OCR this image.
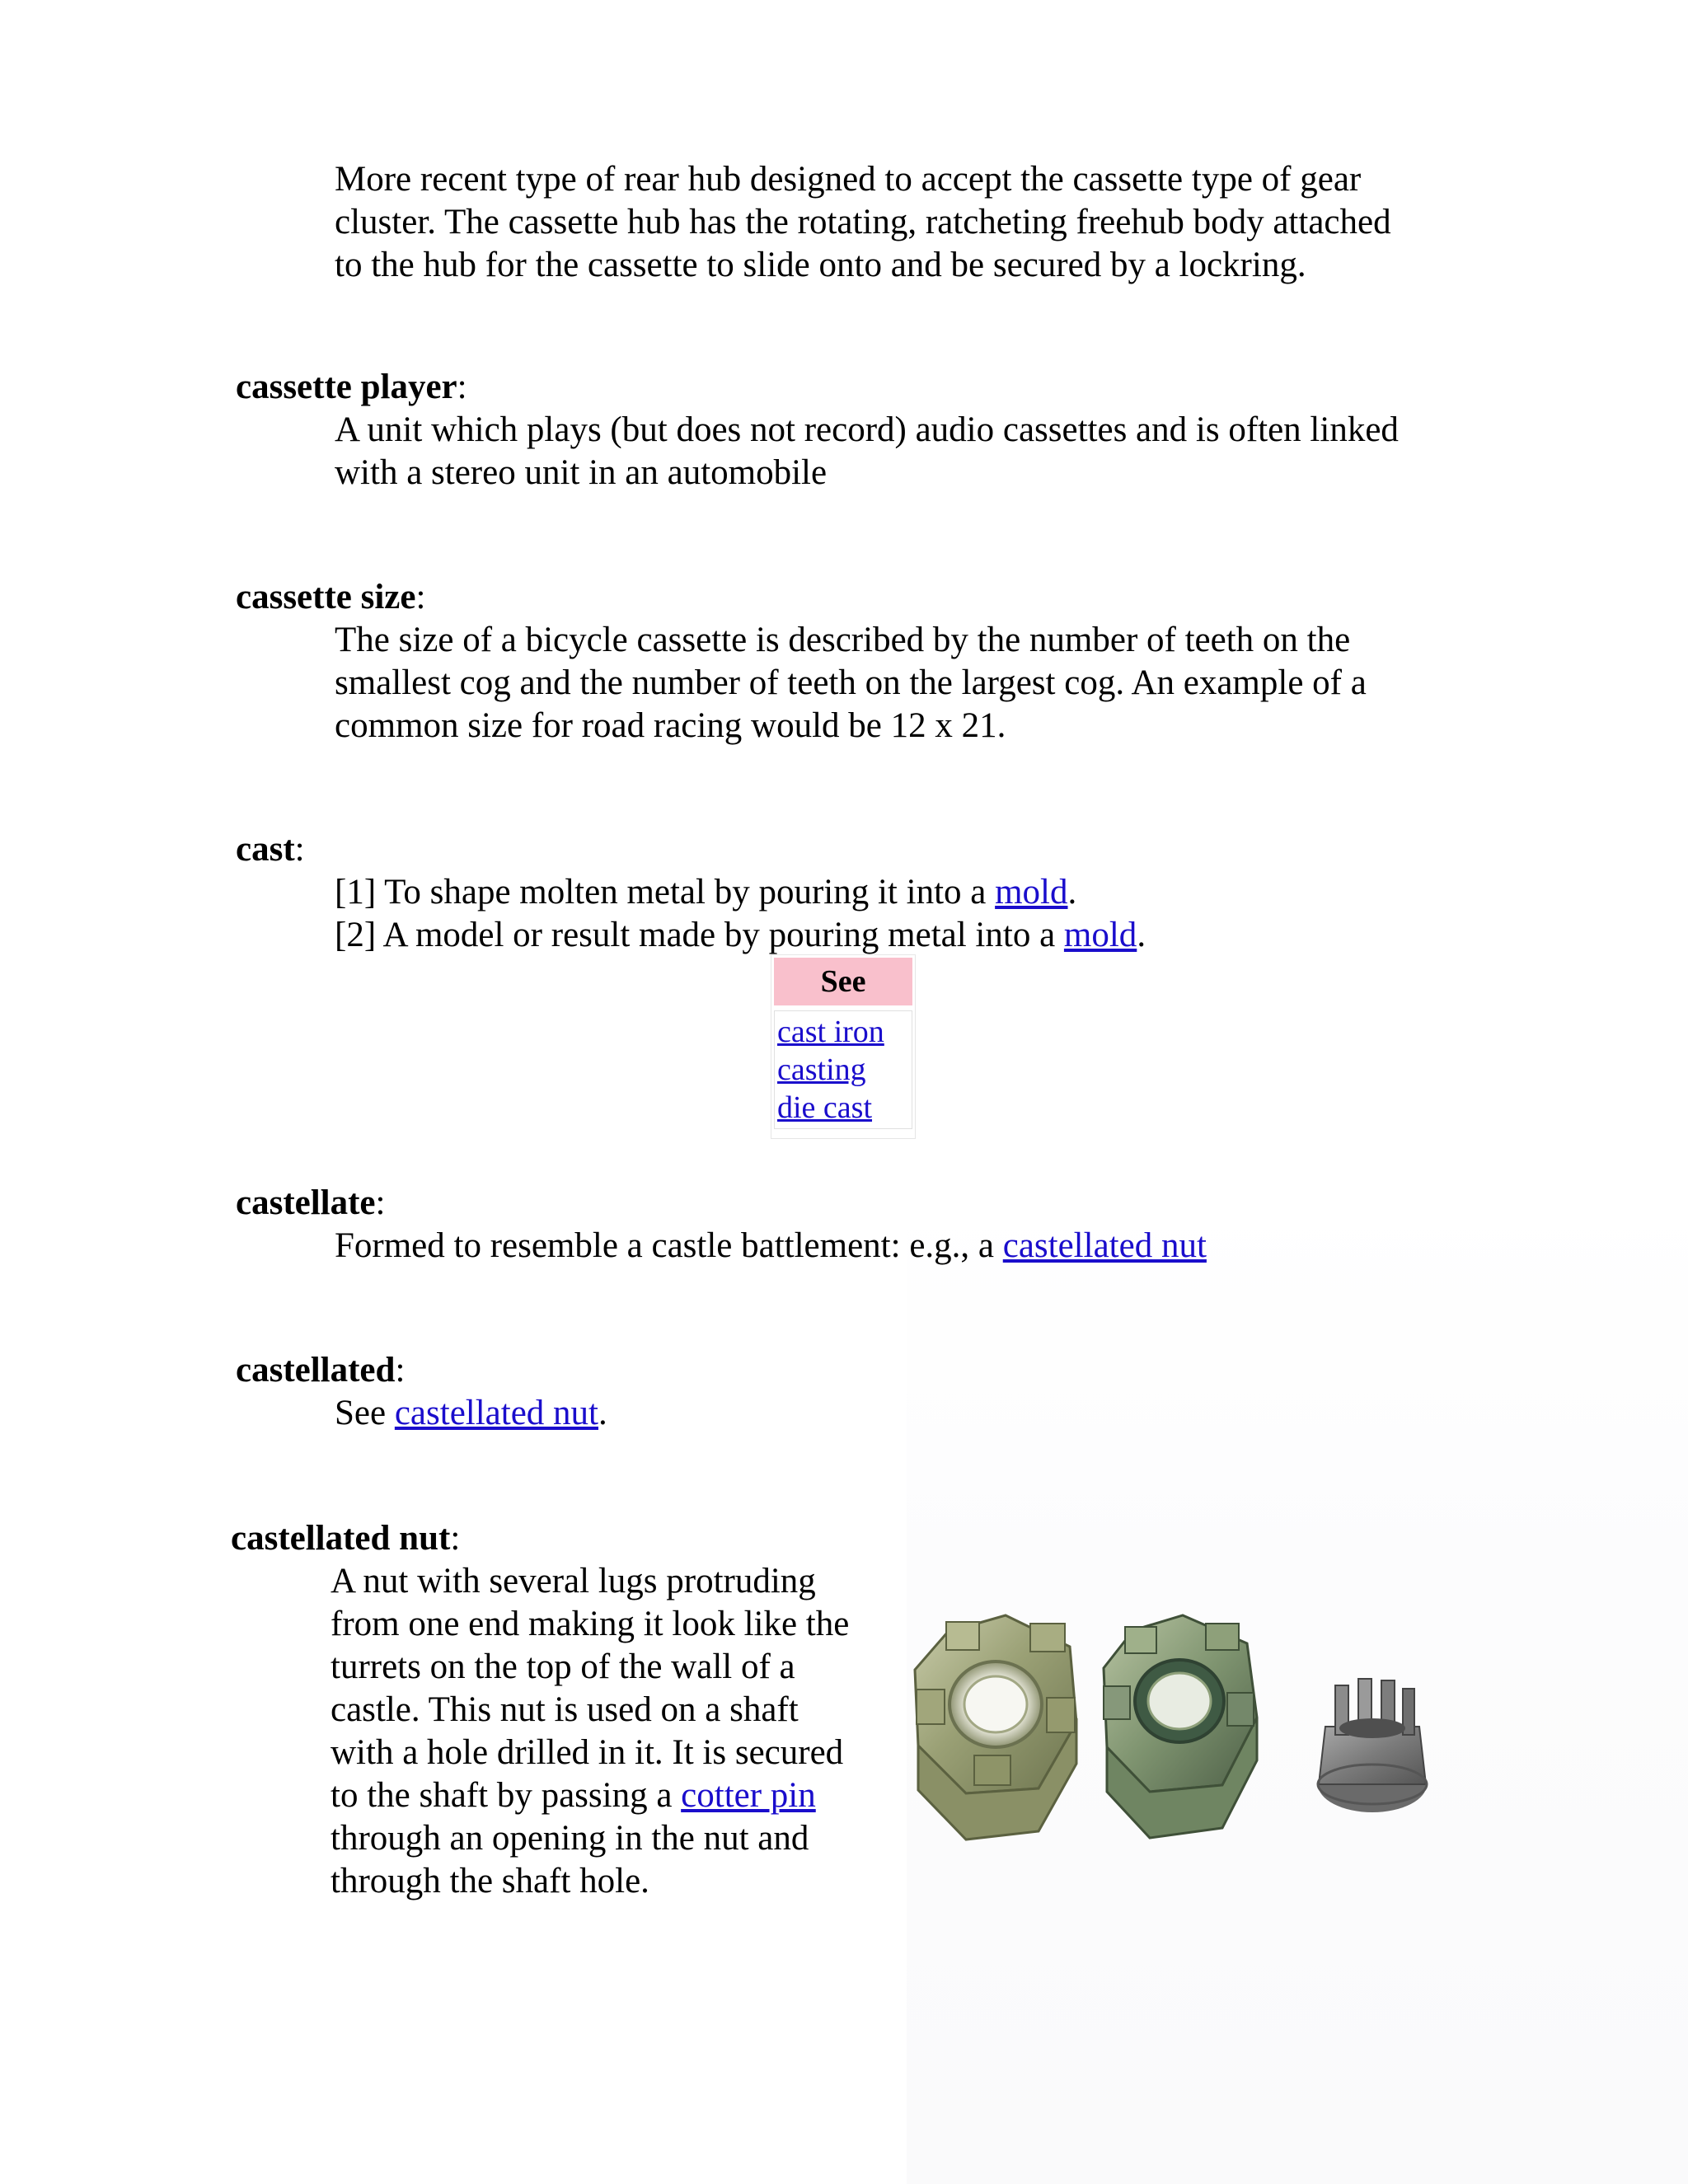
More recent type of rear hub designed to accept the cassette type of gear
cluster. The cassette hub has the rotating, ratcheting freehub body attached
to the hub for the cassette to slide onto and be secured by a lockring.
cassette player:
A unit which plays (but does not record) audio cassettes and is often linked
with a stereo unit in an automobile
cassette size:
The size of a bicycle cassette is described by the number of teeth on the
smallest cog and the number of teeth on the largest cog. An example of a
common size for road racing would be 12 x 21.
cast:
[1] To shape molten metal by pouring it into a mold.
[2] A model or result made by pouring metal into a mold.
See
cast iron
casting
die cast
castellate:
Formed to resemble a castle battlement: e.g., a castellated nut
castellated:
See castellated nut.
castellated nut:
A nut with several lugs protruding
from one end making it look like the
turrets on the top of the wall of a
castle. This nut is used on a shaft
with a hole drilled in it. It is secured
to the shaft by passing a cotter pin
through an opening in the nut and
through the shaft hole.
